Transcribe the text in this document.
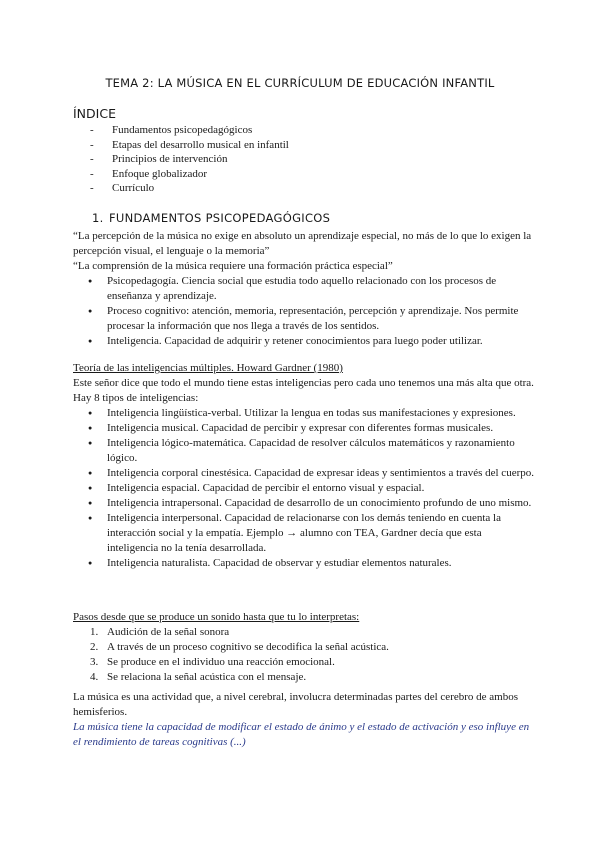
TEMA 2: LA MÚSICA EN EL CURRÍCULUM DE EDUCACIÓN INFANTIL
ÍNDICE
- Fundamentos psicopedagógicos
- Etapas del desarrollo musical en infantil
- Principios de intervención
- Enfoque globalizador
- Currículo
1. FUNDAMENTOS PSICOPEDAGÓGICOS
“La percepción de la música no exige en absoluto un aprendizaje especial, no más de lo que lo exigen la percepción visual, el lenguaje o la memoria”
“La comprensión de la música requiere una formación práctica especial”
● Psicopedagogía. Ciencia social que estudia todo aquello relacionado con los procesos de enseñanza y aprendizaje.
● Proceso cognitivo: atención, memoria, representación, percepción y aprendizaje. Nos permite procesar la información que nos llega a través de los sentidos.
● Inteligencia. Capacidad de adquirir y retener conocimientos para luego poder utilizar.
Teoría de las inteligencias múltiples. Howard Gardner (1980)
Este señor dice que todo el mundo tiene estas inteligencias pero cada uno tenemos una más alta que otra. Hay 8 tipos de inteligencias:
● Inteligencia lingüística-verbal. Utilizar la lengua en todas sus manifestaciones y expresiones.
● Inteligencia musical. Capacidad de percibir y expresar con diferentes formas musicales.
● Inteligencia lógico-matemática. Capacidad de resolver cálculos matemáticos y razonamiento lógico.
● Inteligencia corporal cinestésica. Capacidad de expresar ideas y sentimientos a través del cuerpo.
● Inteligencia espacial. Capacidad de percibir el entorno visual y espacial.
● Inteligencia intrapersonal. Capacidad de desarrollo de un conocimiento profundo de uno mismo.
● Inteligencia interpersonal. Capacidad de relacionarse con los demás teniendo en cuenta la interacción social y la empatía. Ejemplo → alumno con TEA, Gardner decía que esta inteligencia no la tenía desarrollada.
● Inteligencia naturalista. Capacidad de observar y estudiar elementos naturales.
Pasos desde que se produce un sonido hasta que tu lo interpretas:
1. Audición de la señal sonora
2. A través de un proceso cognitivo se decodifica la señal acústica.
3. Se produce en el individuo una reacción emocional.
4. Se relaciona la señal acústica con el mensaje.
La música es una actividad que, a nivel cerebral, involucra determinadas partes del cerebro de ambos hemisferios.
La música tiene la capacidad de modificar el estado de ánimo y el estado de activación y eso influye en el rendimiento de tareas cognitivas (...)
